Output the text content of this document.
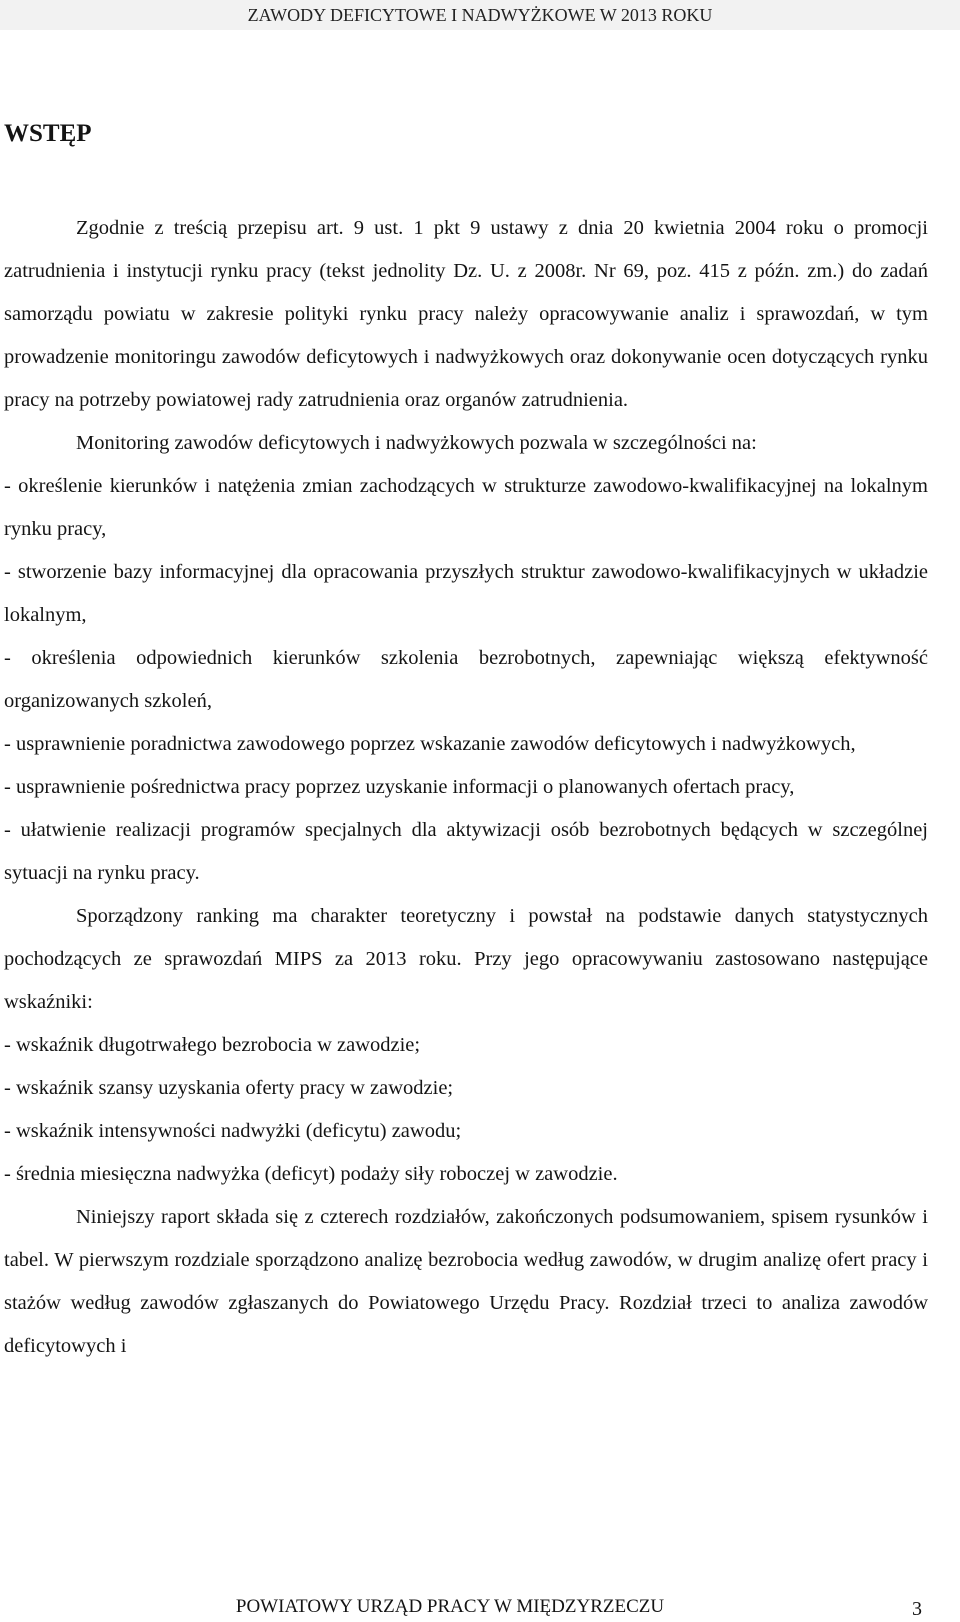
ZAWODY DEFICYTOWE I NADWYŻKOWE W 2013 ROKU
WSTĘP

Zgodnie z treścią przepisu art. 9 ust. 1 pkt 9 ustawy z dnia 20 kwietnia 2004 roku o promocji zatrudnienia i instytucji rynku pracy (tekst jednolity Dz. U. z 2008r. Nr 69, poz. 415 z późn. zm.) do zadań samorządu powiatu w zakresie polityki rynku pracy należy opracowywanie analiz i sprawozdań, w tym prowadzenie monitoringu zawodów deficytowych i nadwyżkowych oraz dokonywanie ocen dotyczących rynku pracy na potrzeby powiatowej rady zatrudnienia oraz organów zatrudnienia.

Monitoring zawodów deficytowych i nadwyżkowych pozwala w szczególności na:

- określenie kierunków i natężenia zmian zachodzących w strukturze zawodowo-kwalifikacyjnej na lokalnym rynku pracy,

- stworzenie bazy informacyjnej dla opracowania przyszłych struktur zawodowo-kwalifikacyjnych w układzie lokalnym,

- określenia odpowiednich kierunków szkolenia bezrobotnych, zapewniając większą efektywność organizowanych szkoleń,

- usprawnienie poradnictwa zawodowego poprzez wskazanie zawodów deficytowych i nadwyżkowych,

- usprawnienie pośrednictwa pracy poprzez uzyskanie informacji o planowanych ofertach pracy,

- ułatwienie realizacji programów specjalnych dla aktywizacji osób bezrobotnych będących w szczególnej sytuacji na rynku pracy.

Sporządzony ranking ma charakter teoretyczny i powstał na podstawie danych statystycznych pochodzących ze sprawozdań MIPS za 2013 roku. Przy jego opracowywaniu zastosowano następujące wskaźniki:

- wskaźnik długotrwałego bezrobocia w zawodzie;

- wskaźnik szansy uzyskania oferty pracy w zawodzie;

- wskaźnik intensywności nadwyżki (deficytu) zawodu;

- średnia miesięczna nadwyżka (deficyt) podaży siły roboczej w zawodzie.

Niniejszy raport składa się z czterech rozdziałów, zakończonych podsumowaniem, spisem rysunków i tabel. W pierwszym rozdziale sporządzono analizę bezrobocia według zawodów, w drugim analizę ofert pracy i stażów według zawodów zgłaszanych do Powiatowego Urzędu Pracy. Rozdział trzeci to analiza zawodów deficytowych i

POWIATOWY URZĄD PRACY W MIĘDZYRZECZU	3
